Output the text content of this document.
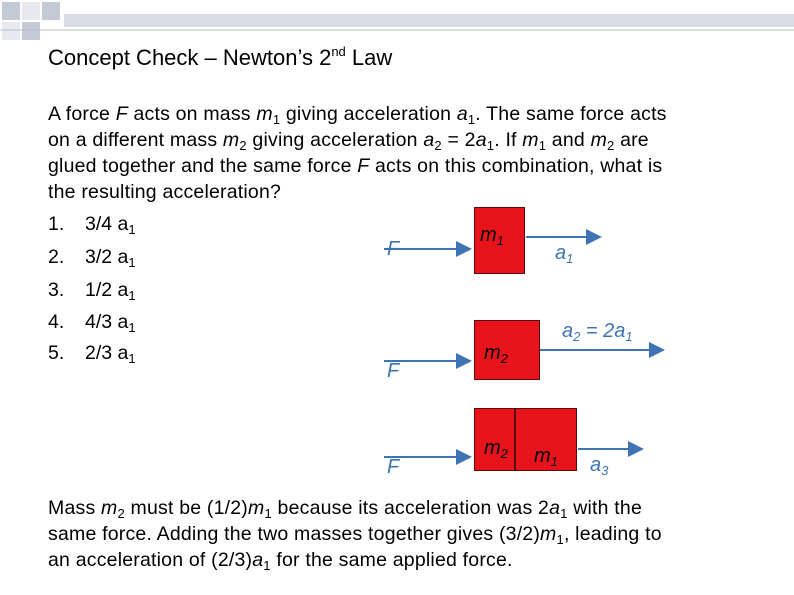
Concept Check – Newton’s 2nd Law
A force F acts on mass $m_1$ giving acceleration $a_1$. The same force acts
on a different mass $m_2$ giving acceleration $a_2 = 2a_1$. If $m_1$ and $m_2$ are
glued together and the same force F acts on this combination, what is
the resulting acceleration?
1. 3/4 $a_1$
2. 3/2 $a_1$
3. 1/2 $a_1$
4. 4/3 $a_1$
5. 2/3 $a_1$
$m_1$
$m_2$
$m_2$ $m_1$
F
F
F
$a_1$
$a_2 = 2a_1$
$a_3$
Mass $m_2$ must be $(1/2)m_1$ because its acceleration was $2a_1$ with the
same force. Adding the two masses together gives $(3/2)m_1$, leading to
an acceleration of $(2/3)a_1$ for the same applied force.
